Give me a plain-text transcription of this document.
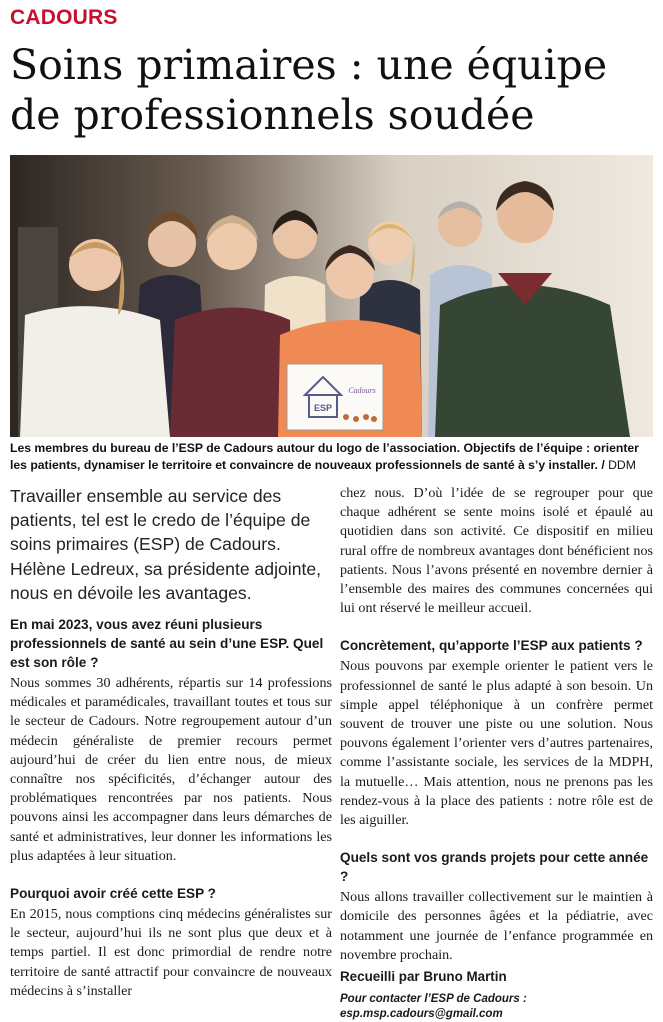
CADOURS
Soins primaires : une équipe de professionnels soudée
ESP
Cadours
Les membres du bureau de l’ESP de Cadours autour du logo de l’association. Objectifs de l’équipe : orienter les patients, dynamiser le territoire et convaincre de nouveaux professionnels de santé à s’y installer. / DDM
Travailler ensemble au service des patients, tel est le credo de l’équipe de soins primaires (ESP) de Cadours. Hélène Ledreux, sa présidente adjointe, nous en dévoile les avantages.
En mai 2023, vous avez réuni plusieurs professionnels de santé au sein d’une ESP. Quel est son rôle ?

Nous sommes 30 adhérents, répartis sur 14 professions médicales et paramédicales, travaillant toutes et tous sur le secteur de Cadours. Notre regroupement autour d’un médecin généraliste de premier recours permet aujourd’hui de créer du lien entre nous, de mieux connaître nos spécificités, d’échanger autour des problématiques rencontrées par nos patients. Nous pouvons ainsi les accompagner dans leurs démarches de santé et administratives, leur donner les informations les plus adaptées à leur situation.

Pourquoi avoir créé cette ESP ?

En 2015, nous comptions cinq médecins généralistes sur le secteur, aujourd’hui ils ne sont plus que deux et à temps partiel. Il est donc primordial de rendre notre territoire de santé attractif pour convaincre de nouveaux médecins à s’installer

chez nous. D’où l’idée de se regrouper pour que chaque adhérent se sente moins isolé et épaulé au quotidien dans son activité. Ce dispositif en milieu rural offre de nombreux avantages dont bénéficient nos patients. Nous l’avons présenté en novembre dernier à l’ensemble des maires des communes concernées qui lui ont réservé le meilleur accueil.

Concrètement, qu’apporte l’ESP aux patients ?

Nous pouvons par exemple orienter le patient vers le professionnel de santé le plus adapté à son besoin. Un simple appel téléphonique à un confrère permet souvent de trouver une piste ou une solution. Nous pouvons également l’orienter vers d’autres partenaires, comme l’assistante sociale, les services de la MDPH, la mutuelle… Mais attention, nous ne prenons pas les rendez-vous à la place des patients : notre rôle est de les aiguiller.

Quels sont vos grands projets pour cette année ?

Nous allons travailler collectivement sur le maintien à domicile des personnes âgées et la pédiatrie, avec notamment une journée de l’enfance programmée en novembre prochain.

Recueilli par Bruno Martin
Pour contacter l’ESP de Cadours :
esp.msp.cadours@gmail.com
